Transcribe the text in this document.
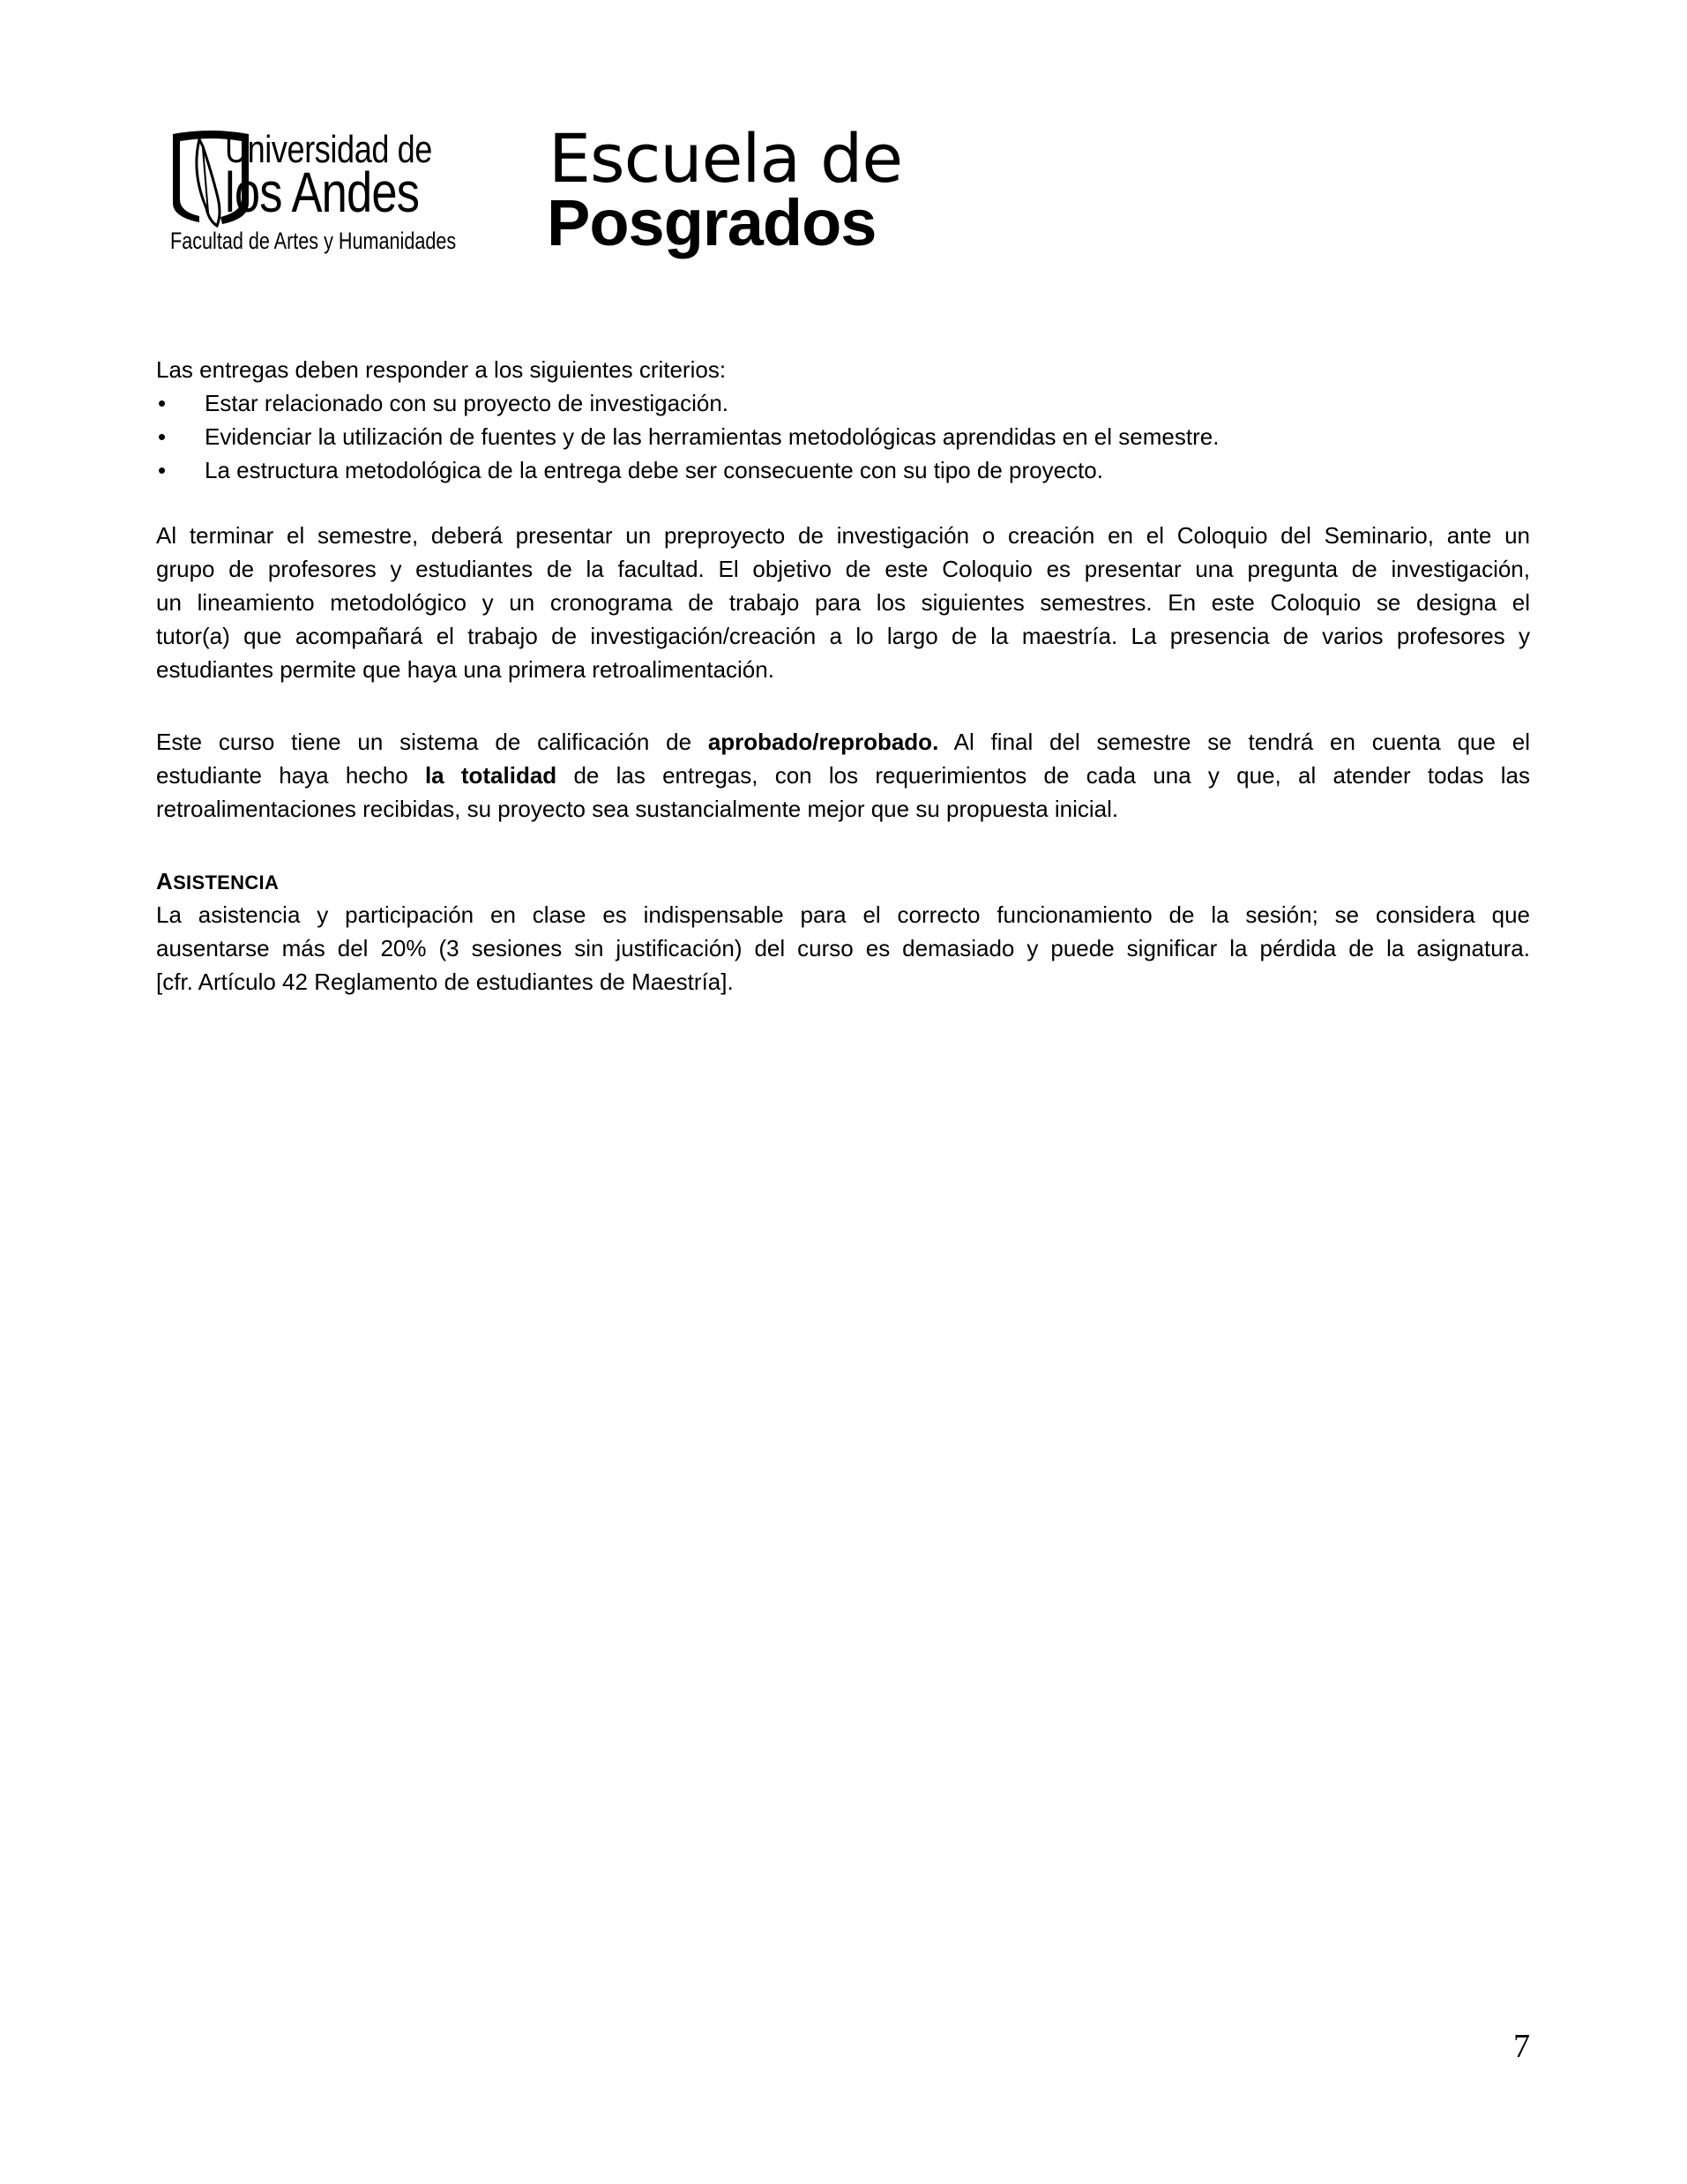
Universidad de
los Andes
Facultad de Artes y Humanidades
Escuela de
Posgrados
Las entregas deben responder a los siguientes criterios:
• Estar relacionado con su proyecto de investigación.
• Evidenciar la utilización de fuentes y de las herramientas metodológicas aprendidas en el semestre.
• La estructura metodológica de la entrega debe ser consecuente con su tipo de proyecto.
Al terminar el semestre, deberá presentar un preproyecto de investigación o creación en el Coloquio del Seminario, ante un
grupo de profesores y estudiantes de la facultad. El objetivo de este Coloquio es presentar una pregunta de investigación,
un lineamiento metodológico y un cronograma de trabajo para los siguientes semestres. En este Coloquio se designa el
tutor(a) que acompañará el trabajo de investigación/creación a lo largo de la maestría. La presencia de varios profesores y
estudiantes permite que haya una primera retroalimentación.
Este curso tiene un sistema de calificación de aprobado/reprobado. Al final del semestre se tendrá en cuenta que el
estudiante haya hecho la totalidad de las entregas, con los requerimientos de cada una y que, al atender todas las
retroalimentaciones recibidas, su proyecto sea sustancialmente mejor que su propuesta inicial.
ASISTENCIA
La asistencia y participación en clase es indispensable para el correcto funcionamiento de la sesión; se considera que
ausentarse más del 20% (3 sesiones sin justificación) del curso es demasiado y puede significar la pérdida de la asignatura.
[cfr. Artículo 42 Reglamento de estudiantes de Maestría].
7
